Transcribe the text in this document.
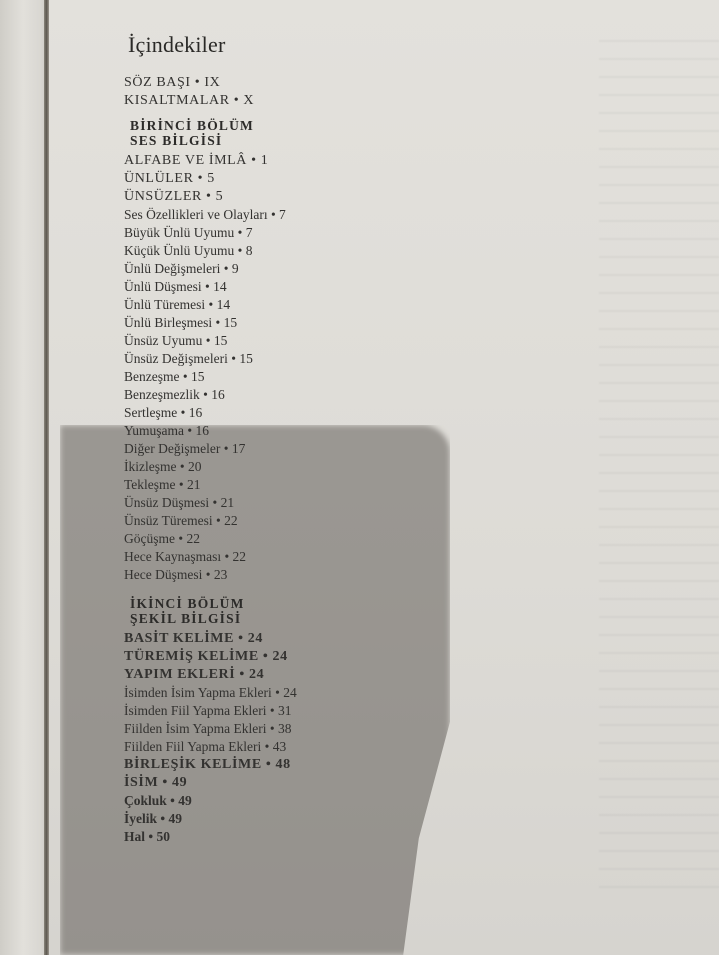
İçindekiler
SÖZ BAŞI • IX
KISALTMALAR • X
BİRİNCİ BÖLÜM
SES BİLGİSİ
ALFABE VE İMLÂ • 1
ÜNLÜLER • 5
ÜNSÜZLER • 5
Ses Özellikleri ve Olayları • 7
Büyük Ünlü Uyumu • 7
Küçük Ünlü Uyumu • 8
Ünlü Değişmeleri • 9
Ünlü Düşmesi • 14
Ünlü Türemesi • 14
Ünlü Birleşmesi • 15
Ünsüz Uyumu • 15
Ünsüz Değişmeleri • 15
Benzeşme • 15
Benzeşmezlik • 16
Sertleşme • 16
Yumuşama • 16
Diğer Değişmeler • 17
İkizleşme • 20
Tekleşme • 21
Ünsüz Düşmesi • 21
Ünsüz Türemesi • 22
Göçüşme • 22
Hece Kaynaşması • 22
Hece Düşmesi • 23
İKİNCİ BÖLÜM
ŞEKİL BİLGİSİ
BASİT KELİME • 24
TÜREMİŞ KELİME • 24
YAPIM EKLERİ • 24
İsimden İsim Yapma Ekleri • 24
İsimden Fiil Yapma Ekleri • 31
Fiilden İsim Yapma Ekleri • 38
Fiilden Fiil Yapma Ekleri • 43
BİRLEŞİK KELİME • 48
İSİM • 49
Çokluk • 49
İyelik • 49
Hal • 50
